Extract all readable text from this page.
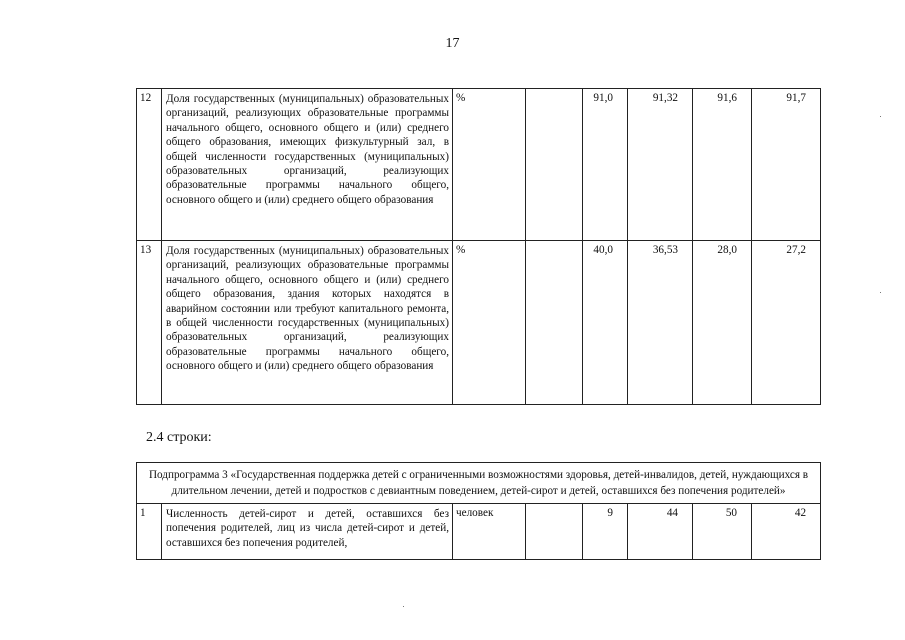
17
12	Доля государственных (муниципальных) образовательных организаций, реализующих образовательные программы начального общего, основного общего и (или) среднего общего образования, имеющих физкультурный зал, в общей численности государственных (муниципальных) образовательных организаций, реализующих образовательные программы начального общего, основного общего и (или) среднего общего образования	%		91,0	91,32	91,6	91,7
13	Доля государственных (муниципальных) образовательных организаций, реализующих образовательные программы начального общего, основного общего и (или) среднего общего образования, здания которых находятся в аварийном состоянии или требуют капитального ремонта, в общей численности государственных (муниципальных) образовательных организаций, реализующих образовательные программы начального общего, основного общего и (или) среднего общего образования	%		40,0	36,53	28,0	27,2
2.4 строки:
Подпрограмма 3 «Государственная поддержка детей с ограниченными возможностями здоровья, детей-инвалидов, детей, нуждающихся в длительном лечении, детей и подростков с девиантным поведением, детей-сирот и детей, оставшихся без попечения родителей»
1	Численность детей-сирот и детей, оставшихся без попечения родителей, лиц из числа детей-сирот и детей, оставшихся без попечения родителей,	человек		9	44	50	42
